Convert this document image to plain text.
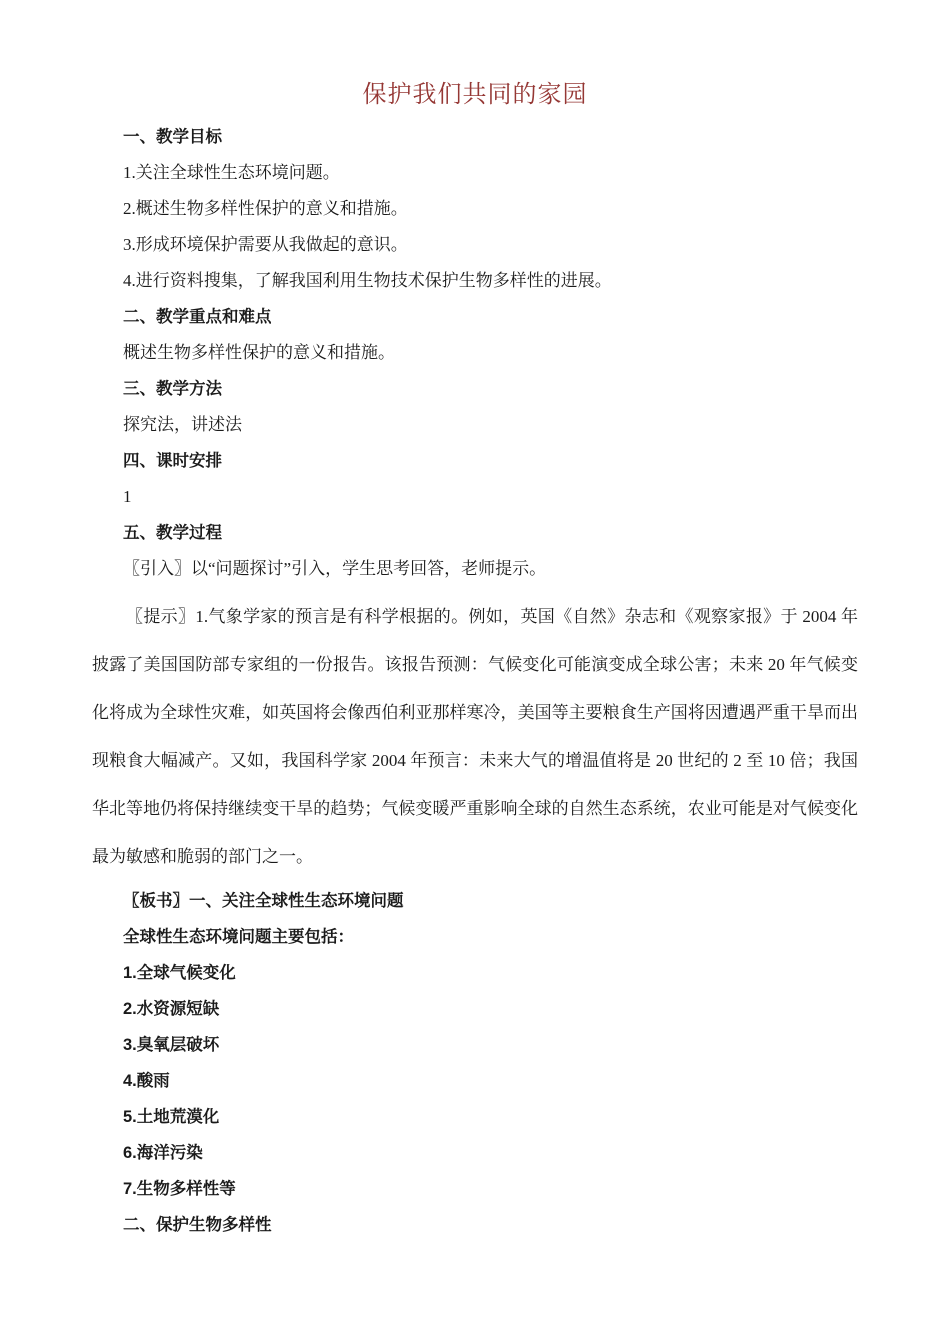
保护我们共同的家园

一、教学目标

1.关注全球性生态环境问题。

2.概述生物多样性保护的意义和措施。

3.形成环境保护需要从我做起的意识。

4.进行资料搜集，了解我国利用生物技术保护生物多样性的进展。

二、教学重点和难点

概述生物多样性保护的意义和措施。

三、教学方法

探究法，讲述法

四、课时安排

1

五、教学过程

〖引入〗以“问题探讨”引入，学生思考回答，老师提示。

〖提示〗1.气象学家的预言是有科学根据的。例如，英国《自然》杂志和《观察家报》于 2004 年披露了美国国防部专家组的一份报告。该报告预测：气候变化可能演变成全球公害；未来 20 年气候变化将成为全球性灾难，如英国将会像西伯利亚那样寒冷，美国等主要粮食生产国将因遭遇严重干旱而出现粮食大幅减产。又如，我国科学家 2004 年预言：未来大气的增温值将是 20 世纪的 2 至 10 倍；我国华北等地仍将保持继续变干旱的趋势；气候变暖严重影响全球的自然生态系统，农业可能是对气候变化最为敏感和脆弱的部门之一。

〖板书〗一、关注全球性生态环境问题

全球性生态环境问题主要包括：

1.全球气候变化

2.水资源短缺

3.臭氧层破坏

4.酸雨

5.土地荒漠化

6.海洋污染

7.生物多样性等

二、保护生物多样性
